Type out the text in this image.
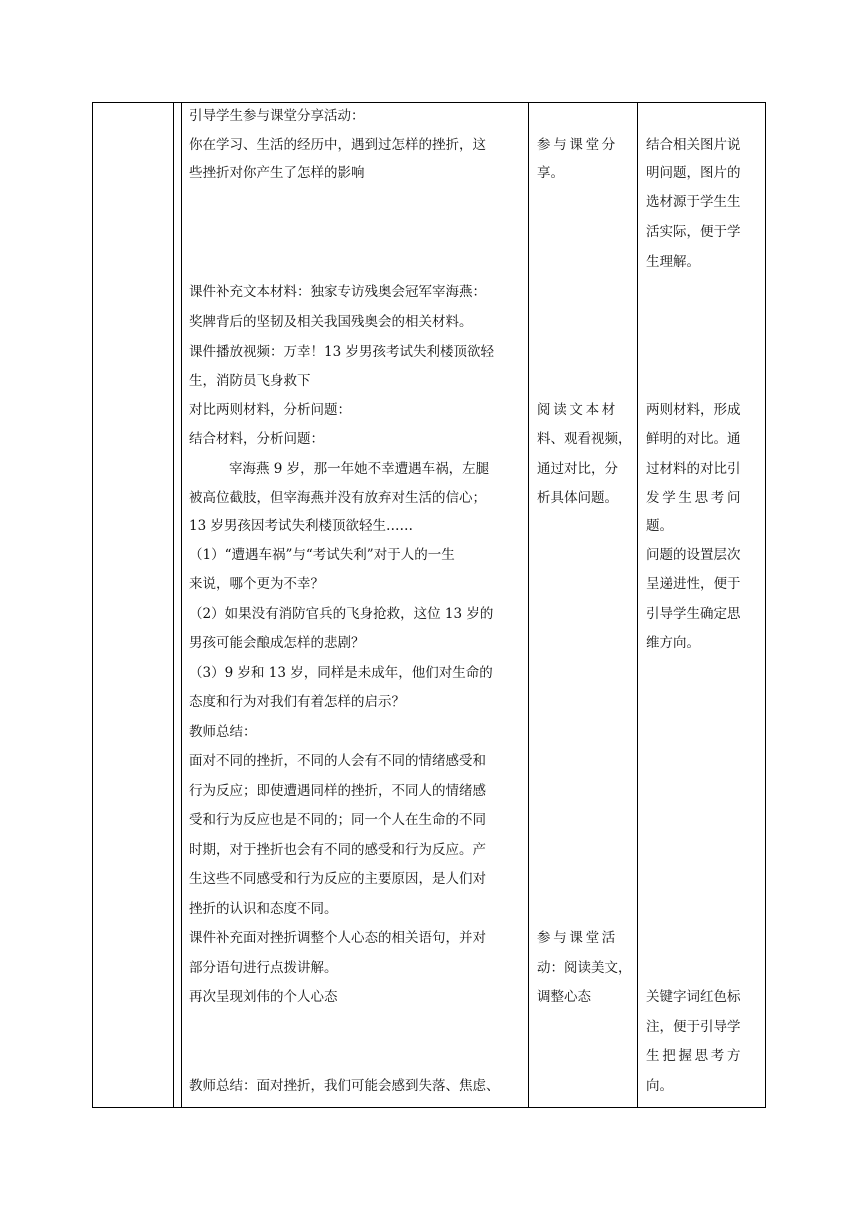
引导学生参与课堂分享活动：
你在学习、生活的经历中，遇到过怎样的挫折，这
些挫折对你产生了怎样的影响
课件补充文本材料：独家专访残奥会冠军宰海燕：
奖牌背后的坚韧及相关我国残奥会的相关材料。
课件播放视频：万幸！13 岁男孩考试失利楼顶欲轻
生，消防员飞身救下
对比两则材料，分析问题：
结合材料，分析问题：
宰海燕 9 岁，那一年她不幸遭遇车祸，左腿
被高位截肢，但宰海燕并没有放弃对生活的信心；
13 岁男孩因考试失利楼顶欲轻生……
（1）“遭遇车祸”与“考试失利”对于人的一生
来说，哪个更为不幸？
（2）如果没有消防官兵的飞身抢救，这位 13 岁的
男孩可能会酿成怎样的悲剧？
（3）9 岁和 13 岁，同样是未成年，他们对生命的
态度和行为对我们有着怎样的启示？
教师总结：
面对不同的挫折，不同的人会有不同的情绪感受和
行为反应；即使遭遇同样的挫折，不同人的情绪感
受和行为反应也是不同的；同一个人在生命的不同
时期，对于挫折也会有不同的感受和行为反应。产
生这些不同感受和行为反应的主要原因，是人们对
挫折的认识和态度不同。
课件补充面对挫折调整个人心态的相关语句，并对
部分语句进行点拨讲解。
再次呈现刘伟的个人心态
教师总结：面对挫折，我们可能会感到失落、焦虑、
参与课堂分
享。
阅读文本材
料、观看视频，
通过对比，分
析具体问题。
参与课堂活
动：阅读美文，
调整心态
结合相关图片说
明问题，图片的
选材源于学生生
活实际，便于学
生理解。
两则材料，形成
鲜明的对比。通
过材料的对比引
发学生思考问
题。
问题的设置层次
呈递进性，便于
引导学生确定思
维方向。
关键字词红色标
注，便于引导学
生把握思考方
向。
